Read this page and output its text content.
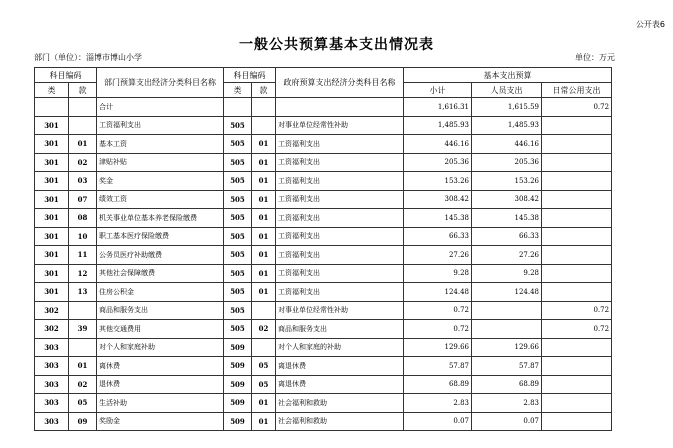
公开表6
一般公共预算基本支出情况表
部门（单位）：淄博市博山小学	单位：万元
科目编码		部门预算支出经济分类科目名称	科目编码		政府预算支出经济分类科目名称	基本支出预算		
类	款		类	款		小计	人员支出	日常公用支出
		合计				1,616.31	1,615.59	0.72
301		工资福利支出	505		对事业单位经常性补助	1,485.93	1,485.93	
301	01	基本工资	505	01	工资福利支出	446.16	446.16	
301	02	津贴补贴	505	01	工资福利支出	205.36	205.36	
301	03	奖金	505	01	工资福利支出	153.26	153.26	
301	07	绩效工资	505	01	工资福利支出	308.42	308.42	
301	08	机关事业单位基本养老保险缴费	505	01	工资福利支出	145.38	145.38	
301	10	职工基本医疗保险缴费	505	01	工资福利支出	66.33	66.33	
301	11	公务员医疗补助缴费	505	01	工资福利支出	27.26	27.26	
301	12	其他社会保障缴费	505	01	工资福利支出	9.28	9.28	
301	13	住房公积金	505	01	工资福利支出	124.48	124.48	
302		商品和服务支出	505		对事业单位经常性补助	0.72		0.72
302	39	其他交通费用	505	02	商品和服务支出	0.72		0.72
303		对个人和家庭补助	509		对个人和家庭的补助	129.66	129.66	
303	01	离休费	509	05	离退休费	57.87	57.87	
303	02	退休费	509	05	离退休费	68.89	68.89	
303	05	生活补助	509	01	社会福利和救助	2.83	2.83	
303	09	奖励金	509	01	社会福利和救助	0.07	0.07	
